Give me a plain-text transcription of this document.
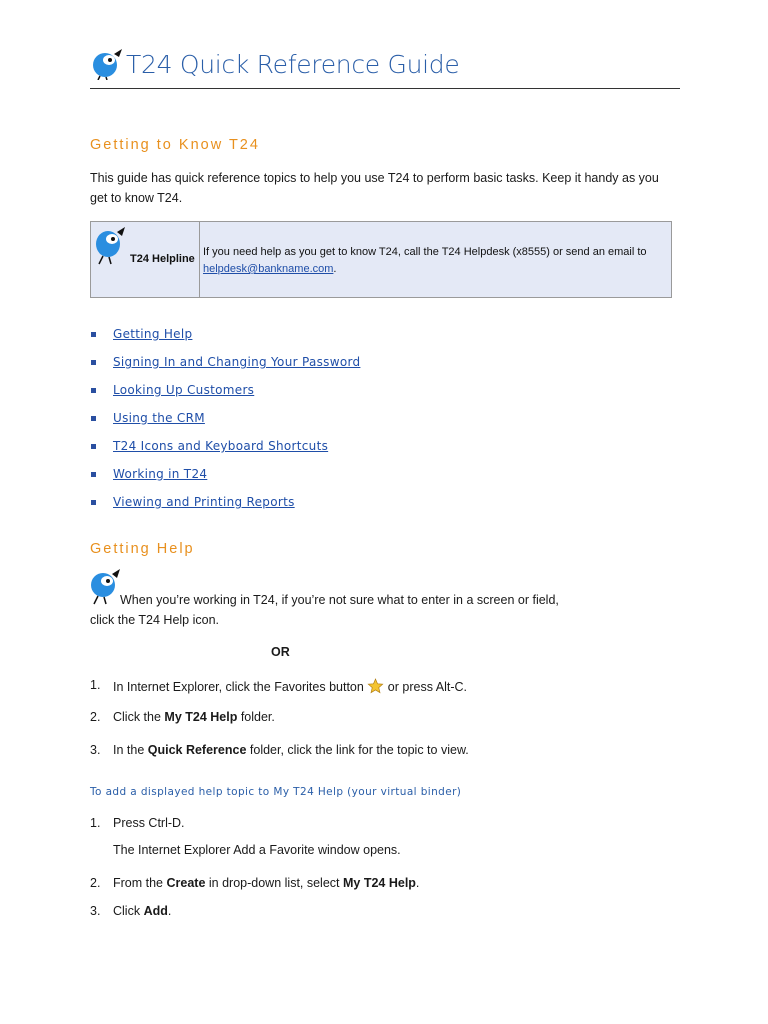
T24 Quick Reference Guide
Getting to Know T24
This guide has quick reference topics to help you use T24 to perform basic tasks. Keep it handy as you
get to know T24.
T24 Helpline
If you need help as you get to know T24, call the T24 Helpdesk (x8555) or send an email to
helpdesk@bankname.com.
Getting Help
Signing In and Changing Your Password
Looking Up Customers
Using the CRM
T24 Icons and Keyboard Shortcuts
Working in T24
Viewing and Printing Reports
Getting Help
When you’re working in T24, if you’re not sure what to enter in a screen or field,
click the T24 Help icon.
OR
1. In Internet Explorer, click the Favorites button or press Alt-C.
2. Click the My T24 Help folder.
3. In the Quick Reference folder, click the link for the topic to view.
To add a displayed help topic to My T24 Help (your virtual binder)
1. Press Ctrl-D.
The Internet Explorer Add a Favorite window opens.
2. From the Create in drop-down list, select My T24 Help.
3. Click Add.
